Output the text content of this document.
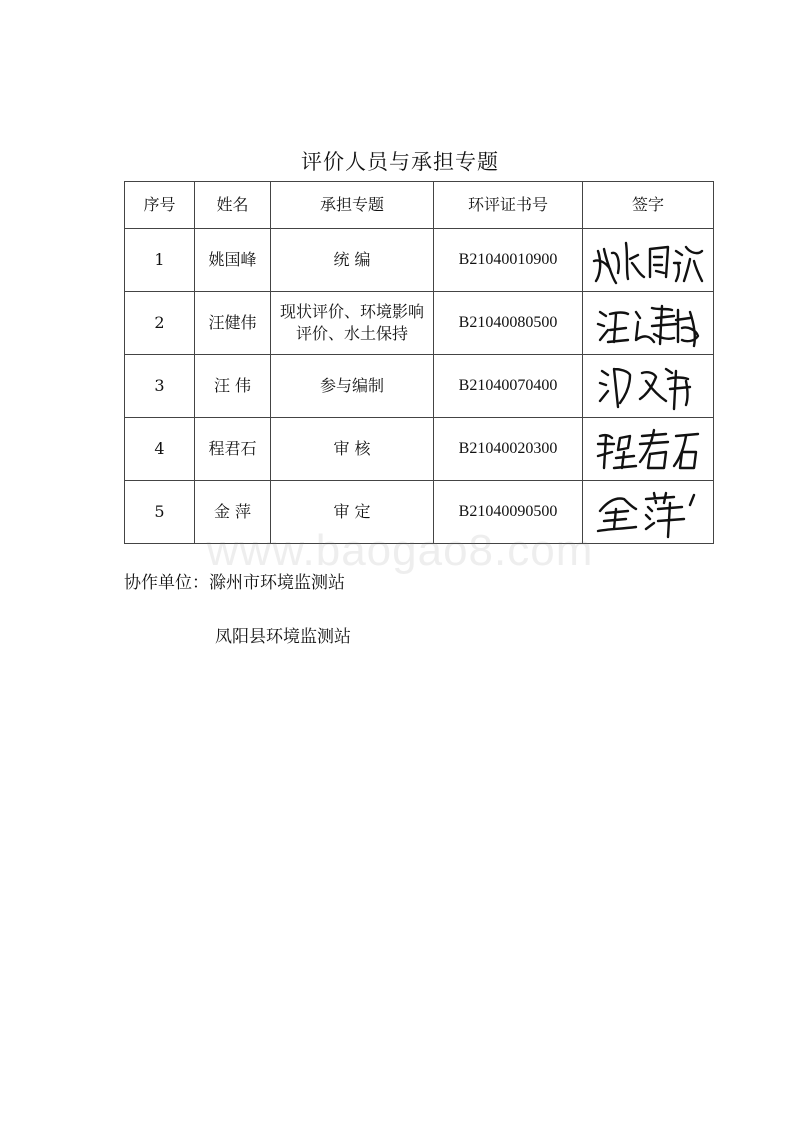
评价人员与承担专题
序号	姓名	承担专题	环评证书号	签字
1	姚国峰	统 编	B21040010900	

2	汪健伟	现状评价、环境影响评价、水土保持	B21040080500	

3	汪 伟	参与编制	B21040070400	

4	程君石	审 核	B21040020300	

5	金 萍	审 定	B21040090500	
www.baogao8.com
协作单位：滁州市环境监测站
凤阳县环境监测站
